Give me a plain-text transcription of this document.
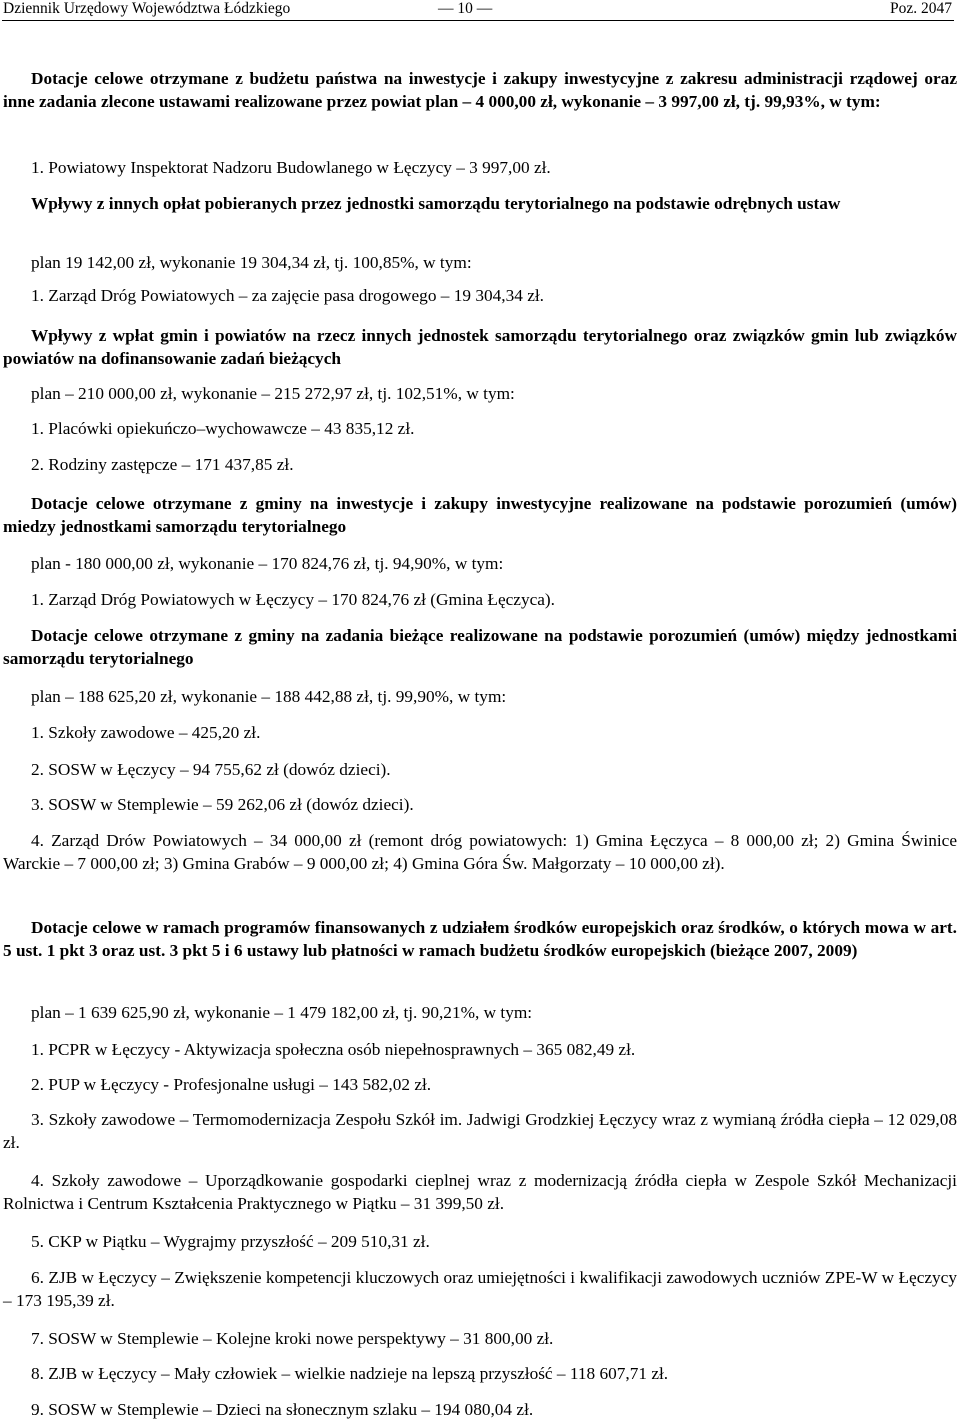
Dziennik Urzędowy Województwa Łódzkiego	— 10 —	Poz. 2047

Dotacje celowe otrzymane z budżetu państwa na inwestycje i zakupy inwestycyjne z zakresu administracji rządowej oraz inne zadania zlecone ustawami realizowane przez powiat plan – 4 000,00 zł, wykonanie – 3 997,00 zł, tj. 99,93%, w tym:

1. Powiatowy Inspektorat Nadzoru Budowlanego w Łęczycy – 3 997,00 zł.

Wpływy z innych opłat pobieranych przez jednostki samorządu terytorialnego na podstawie odrębnych ustaw

plan 19 142,00 zł, wykonanie 19 304,34 zł, tj. 100,85%, w tym:

1. Zarząd Dróg Powiatowych – za zajęcie pasa drogowego – 19 304,34 zł.

Wpływy z wpłat gmin i powiatów na rzecz innych jednostek samorządu terytorialnego oraz związków gmin lub związków powiatów na dofinansowanie zadań bieżących

plan – 210 000,00 zł, wykonanie – 215 272,97 zł, tj. 102,51%, w tym:

1. Placówki opiekuńczo–wychowawcze – 43 835,12 zł.

2. Rodziny zastępcze – 171 437,85 zł.

Dotacje celowe otrzymane z gminy na inwestycje i zakupy inwestycyjne realizowane na podstawie porozumień (umów) miedzy jednostkami samorządu terytorialnego

plan - 180 000,00 zł, wykonanie – 170 824,76 zł, tj. 94,90%, w tym:

1. Zarząd Dróg Powiatowych w Łęczycy – 170 824,76 zł (Gmina Łęczyca).

Dotacje celowe otrzymane z gminy na zadania bieżące realizowane na podstawie porozumień (umów) między jednostkami samorządu terytorialnego

plan – 188 625,20 zł, wykonanie – 188 442,88 zł, tj. 99,90%, w tym:

1. Szkoły zawodowe – 425,20 zł.

2. SOSW w Łęczycy – 94 755,62 zł (dowóz dzieci).

3. SOSW w Stemplewie – 59 262,06 zł (dowóz dzieci).

4. Zarząd Drów Powiatowych – 34 000,00 zł (remont dróg powiatowych: 1) Gmina Łęczyca – 8 000,00 zł; 2) Gmina Świnice Warckie – 7 000,00 zł; 3) Gmina Grabów – 9 000,00 zł; 4) Gmina Góra Św. Małgorzaty – 10 000,00 zł).

Dotacje celowe w ramach programów finansowanych z udziałem środków europejskich oraz środków, o których mowa w art. 5 ust. 1 pkt 3 oraz ust. 3 pkt 5 i 6 ustawy lub płatności w ramach budżetu środków europejskich (bieżące 2007, 2009)

plan – 1 639 625,90 zł, wykonanie – 1 479 182,00 zł, tj. 90,21%, w tym:

1. PCPR w Łęczycy - Aktywizacja społeczna osób niepełnosprawnych – 365 082,49 zł.

2. PUP w Łęczycy - Profesjonalne usługi – 143 582,02 zł.

3. Szkoły zawodowe – Termomodernizacja Zespołu Szkół im. Jadwigi Grodzkiej Łęczycy wraz z wymianą źródła ciepła – 12 029,08 zł.

4. Szkoły zawodowe – Uporządkowanie gospodarki cieplnej wraz z modernizacją źródła ciepła w Zespole Szkół Mechanizacji Rolnictwa i Centrum Kształcenia Praktycznego w Piątku – 31 399,50 zł.

5. CKP w Piątku – Wygrajmy przyszłość – 209 510,31 zł.

6. ZJB w Łęczycy – Zwiększenie kompetencji kluczowych oraz umiejętności i kwalifikacji zawodowych uczniów ZPE-W w Łęczycy – 173 195,39 zł.

7. SOSW w Stemplewie – Kolejne kroki nowe perspektywy – 31 800,00 zł.

8. ZJB w Łęczycy – Mały człowiek – wielkie nadzieje na lepszą przyszłość – 118 607,71 zł.

9. SOSW w Stemplewie – Dzieci na słonecznym szlaku – 194 080,04 zł.
